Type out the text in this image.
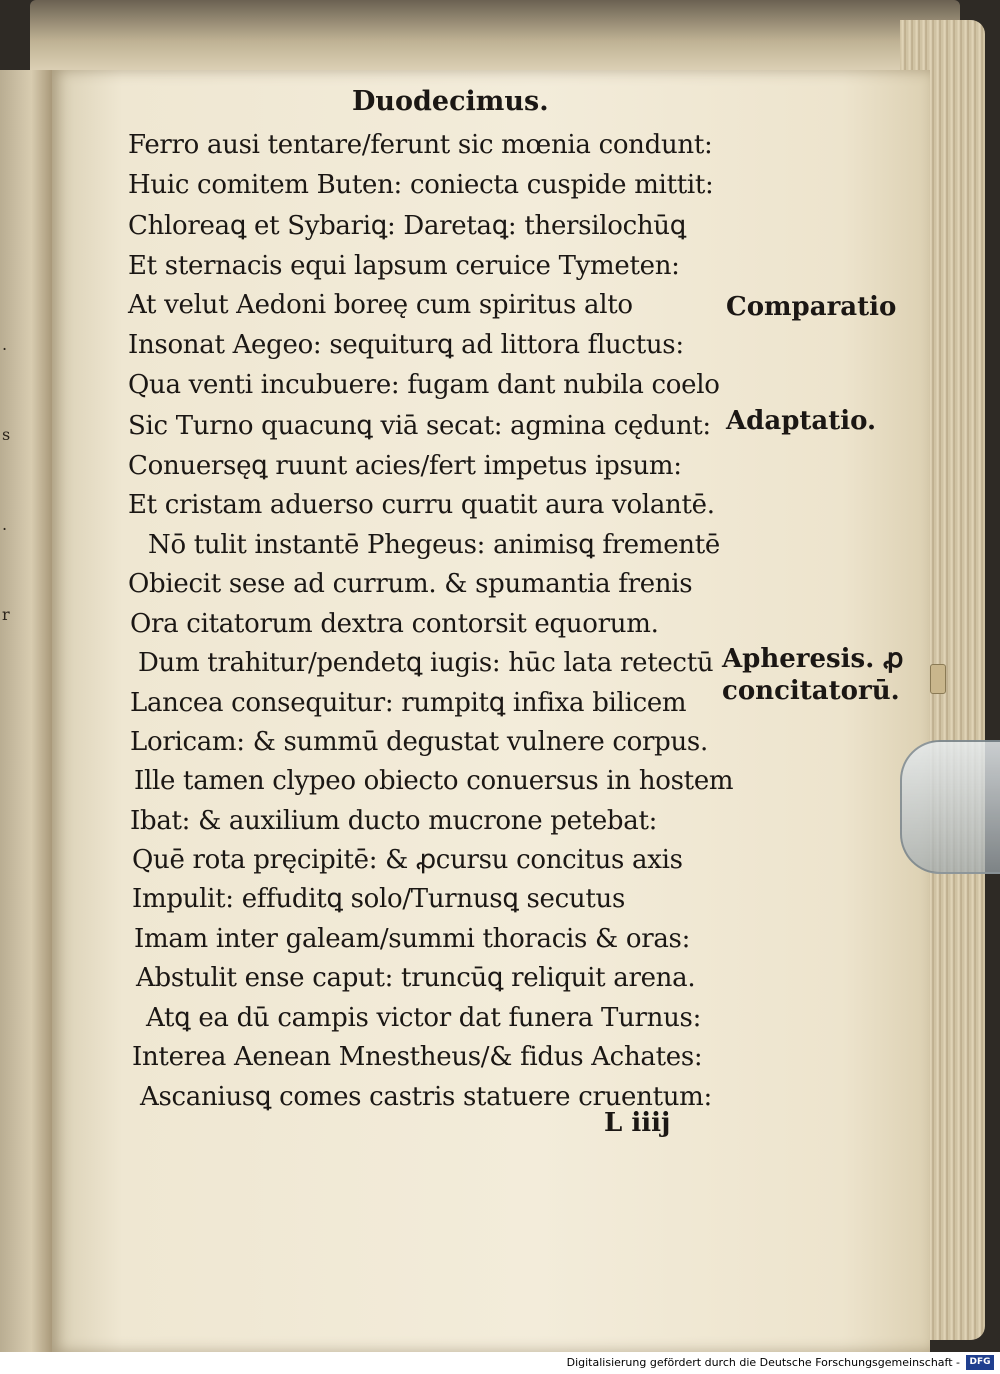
.
s
.
r
Duodecimus.
Ferro ausi tentare/ferunt sic mœnia condunt:
Huic comitem Buten: coniecta cuspide mittit:
Chloreaꝗ et Sybariꝗ: Daretaꝗ: thersilochūꝗ
Et sternacis equi lapsum ceruice Tymeten:
At velut Aedoni boreę cum spiritus alto
Insonat Aegeo: sequiturꝗ ad littora fluctus:
Qua venti incubuere: fugam dant nubila coelo
Sic Turno quacunꝗ viā secat: agmina cędunt:
Conuersęꝗ ruunt acies/fert impetus ipsum:
Et cristam aduerso curru quatit aura volantē.
Nō tulit instantē Phegeus: animisꝗ frementē
Obiecit sese ad currum. & spumantia frenis
Ora citatorum dextra contorsit equorum.
Dum trahitur/pendetꝗ iugis: hūc lata retectū
Lancea consequitur: rumpitꝗ infixa bilicem
Loricam: & summū degustat vulnere corpus.
Ille tamen clypeo obiecto conuersus in hostem
Ibat: & auxilium ducto mucrone petebat:
Quē rota pręcipitē: & ꝓcursu concitus axis
Impulit: effuditꝗ solo/Turnusꝗ secutus
Imam inter galeam/summi thoracis & oras:
Abstulit ense caput: truncūꝗ reliquit arena.
Atꝗ ea dū campis victor dat funera Turnus:
Interea Aenean Mnestheus/& fidus Achates:
Ascaniusꝗ comes castris statuere cruentum:
Comparatio
Adaptatio.
Apheresis. ꝓ
concitatorū.
L iiij
Digitalisierung gefördert durch die Deutsche Forschungsgemeinschaft -	DFG
